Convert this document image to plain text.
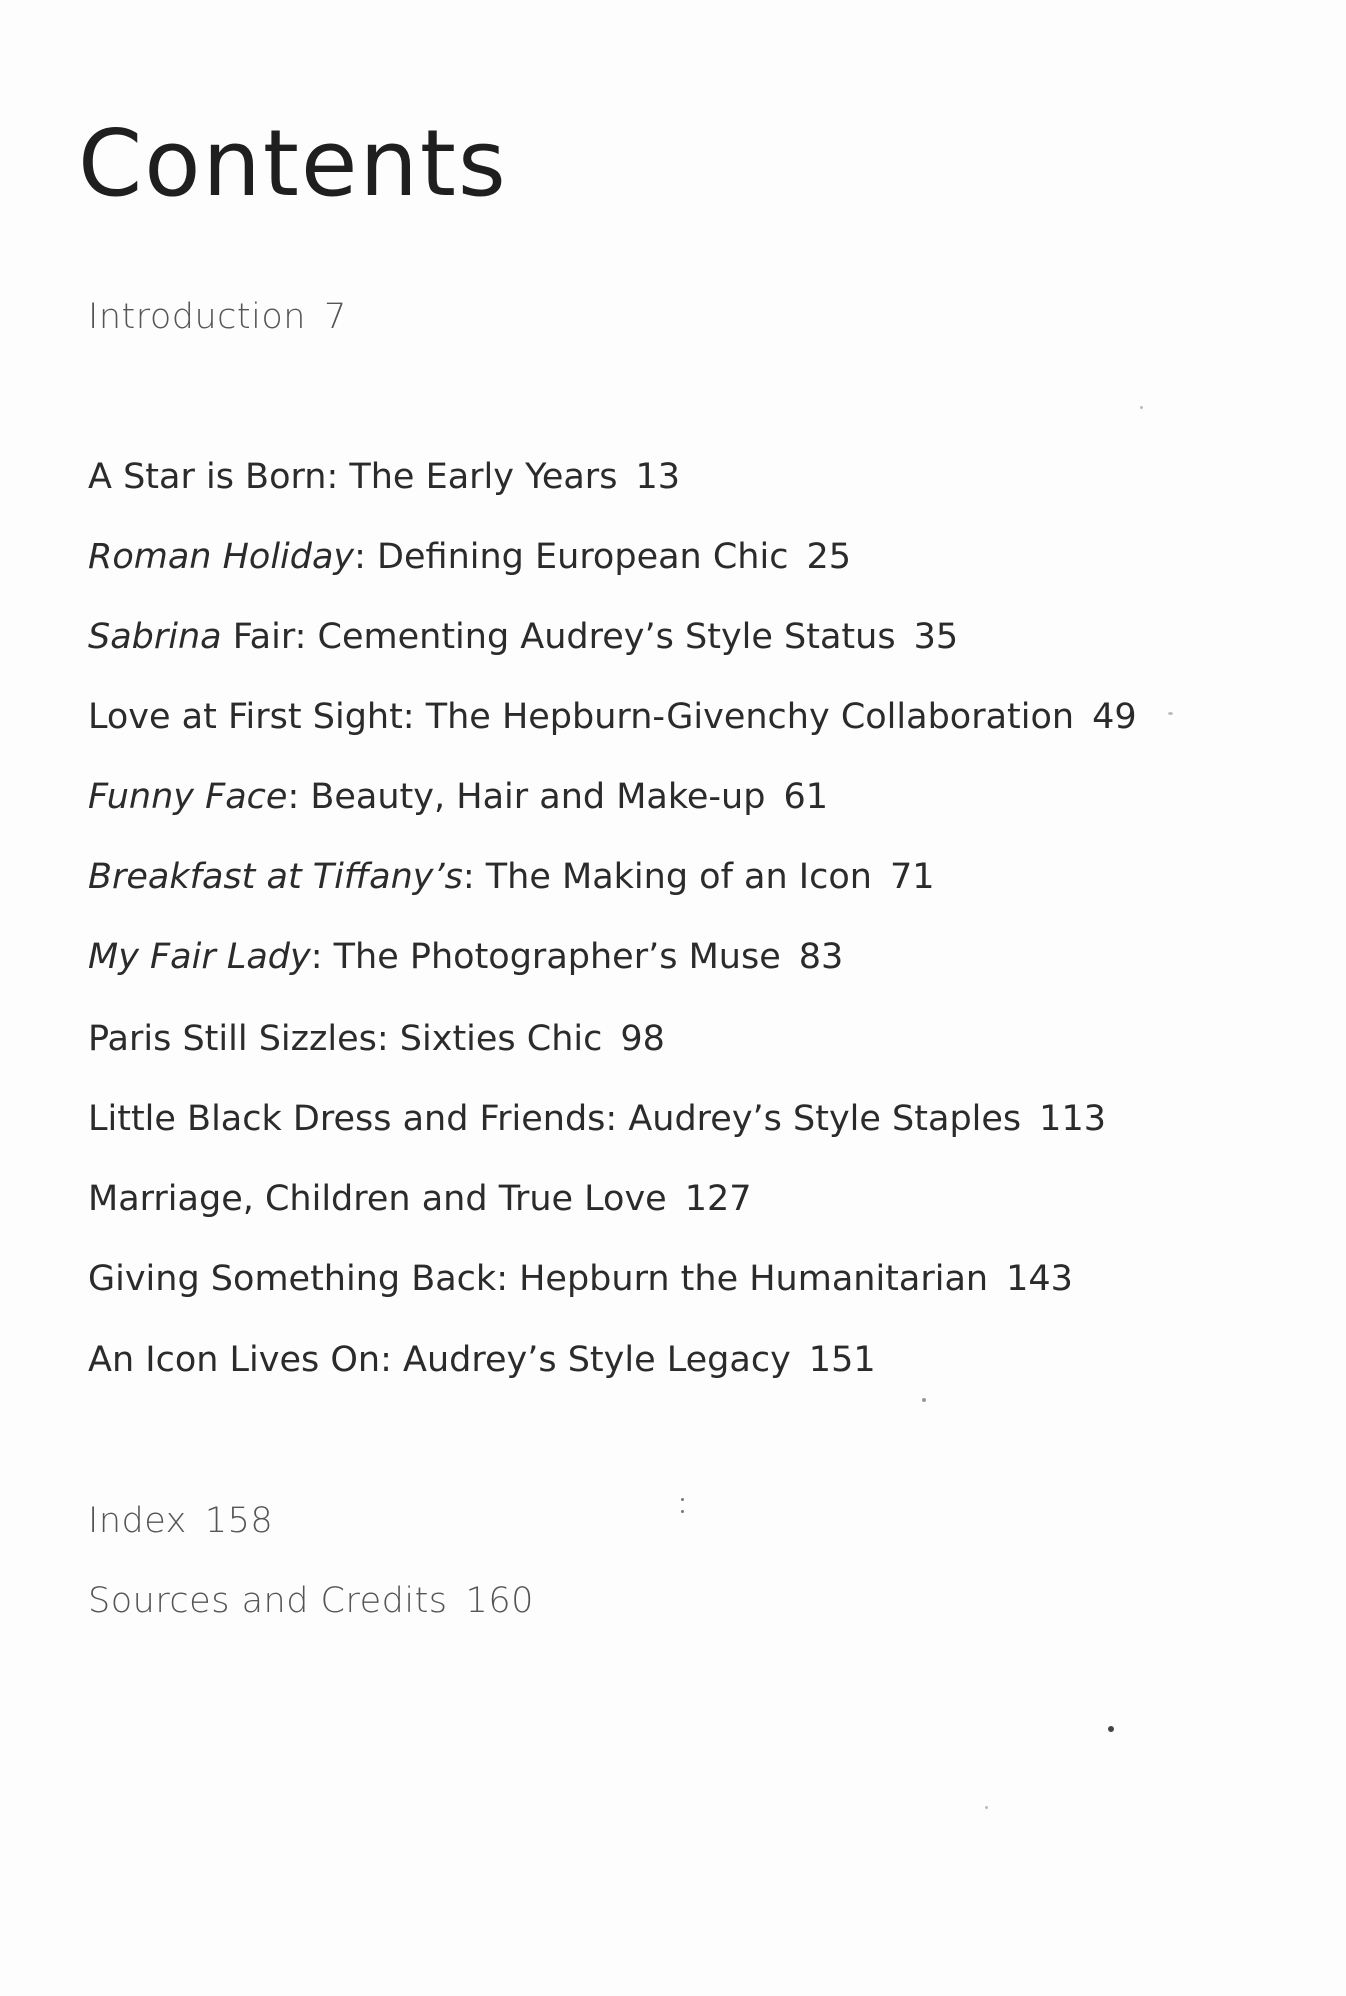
Contents
Introduction 7
A Star is Born: The Early Years 13
Roman Holiday: Defining European Chic 25
Sabrina Fair: Cementing Audrey’s Style Status 35
Love at First Sight: The Hepburn-Givenchy Collaboration 49
Funny Face: Beauty, Hair and Make-up 61
Breakfast at Tiffany’s: The Making of an Icon 71
My Fair Lady: The Photographer’s Muse 83
Paris Still Sizzles: Sixties Chic 98
Little Black Dress and Friends: Audrey’s Style Staples 113
Marriage, Children and True Love 127
Giving Something Back: Hepburn the Humanitarian 143
An Icon Lives On: Audrey’s Style Legacy 151
Index 158
Sources and Credits 160
